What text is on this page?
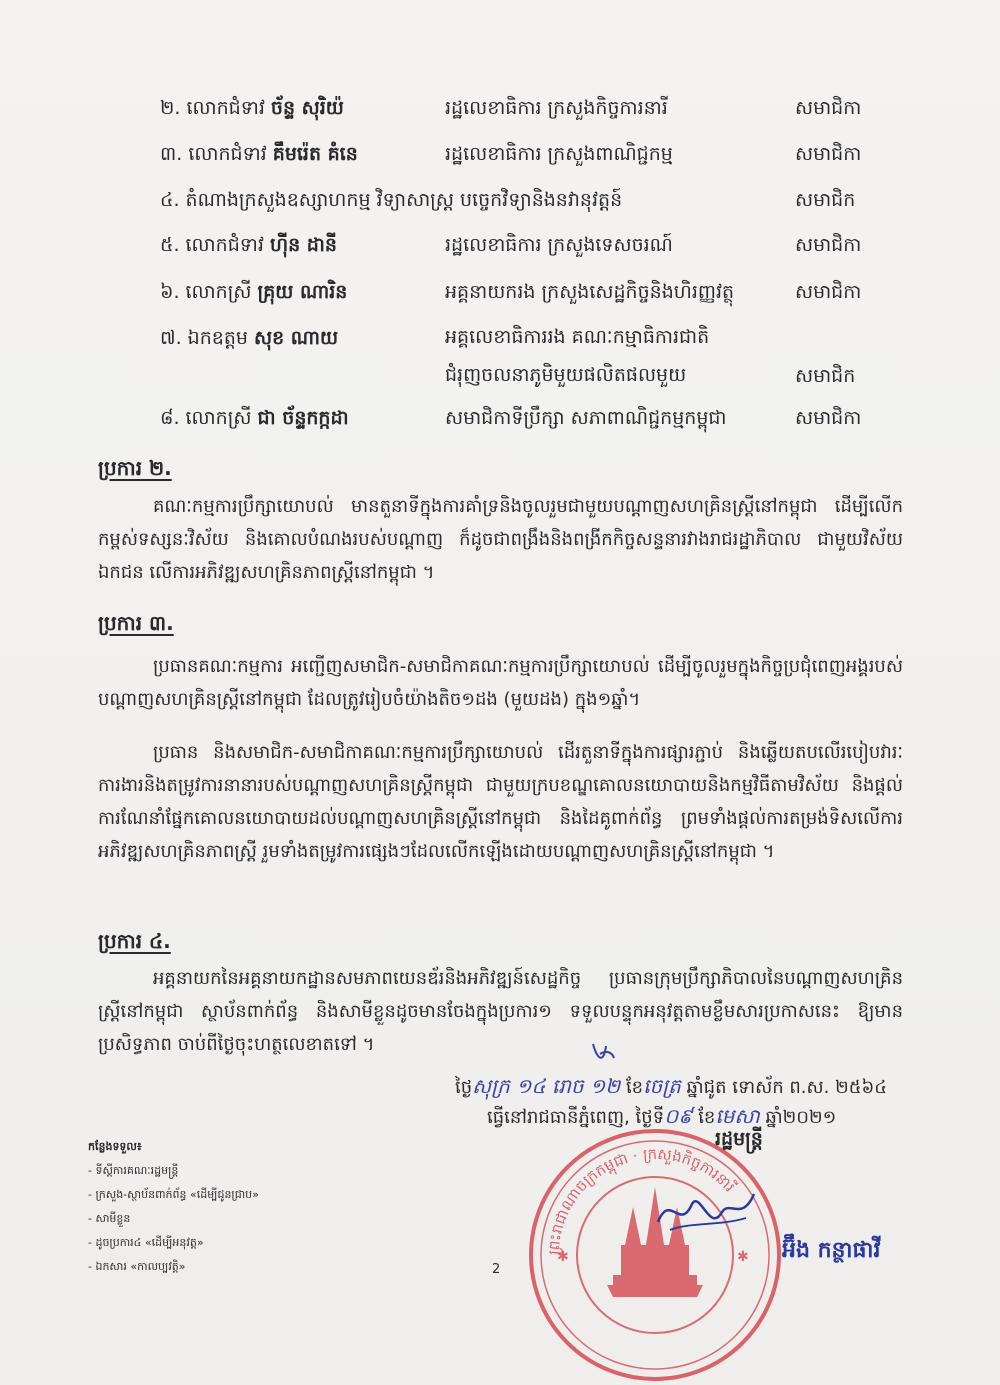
២. លោកជំទាវ ច័ន្ទ សុរិយ៉	រដ្ឋលេខាធិការ ក្រសួងកិច្ចការនារី	សមាជិកា
៣. លោកជំទាវ គឹមរ៉េត គំនេ	រដ្ឋលេខាធិការ ក្រសួងពាណិជ្ជកម្ម	សមាជិកា
៤. តំណាងក្រសួងឧស្សាហកម្ម វិទ្យាសាស្ត្រ បច្ចេកវិទ្យានិងនវានុវត្តន៍	សមាជិក
៥. លោកជំទាវ ហ៊ីន ដានី	រដ្ឋលេខាធិការ ក្រសួងទេសចរណ៍	សមាជិកា
៦. លោកស្រី គ្រុយ ណារិន	អគ្គនាយករង ក្រសួងសេដ្ឋកិច្ចនិងហិរញ្ញវត្ថុ	សមាជិកា
៧. ឯកឧត្តម សុខ ណាយ	អគ្គលេខាធិការរង គណៈកម្មាធិការជាតិ
ជំរុញចលនាភូមិមួយផលិតផលមួយ	សមាជិក
៨. លោកស្រី ជា ច័ន្ទកក្កដា	សមាជិកាទីប្រឹក្សា សភាពាណិជ្ជកម្មកម្ពុជា	សមាជិកា
ប្រការ ២.

គណៈកម្មការប្រឹក្សាយោបល់ មានតួនាទីក្នុងការគាំទ្រនិងចូលរួមជាមួយបណ្តាញសហគ្រិនស្ត្រីនៅកម្ពុជា ដើម្បីលើកកម្ពស់ទស្សនៈវិស័យ និងគោលបំណងរបស់បណ្តាញ ក៏ដូចជាពង្រឹងនិងពង្រីកកិច្ចសន្ទនារវាងរាជរដ្ឋាភិបាល ជាមួយវិស័យឯកជន លើការអភិវឌ្ឍសហគ្រិនភាពស្ត្រីនៅកម្ពុជា ។

ប្រការ ៣.

ប្រធានគណៈកម្មការ អញ្ជើញសមាជិក-សមាជិកាគណៈកម្មការប្រឹក្សាយោបល់ ដើម្បីចូលរួមក្នុងកិច្ចប្រជុំពេញអង្គរបស់បណ្តាញសហគ្រិនស្ត្រីនៅកម្ពុជា ដែលត្រូវរៀបចំយ៉ាងតិច១ដង (មួយដង) ក្នុង១ឆ្នាំ។

ប្រធាន និងសមាជិក-សមាជិកាគណៈកម្មការប្រឹក្សាយោបល់ ដើរតួនាទីក្នុងការផ្សារភ្ជាប់ និងឆ្លើយតបលើរបៀបវារៈការងារនិងតម្រូវការនានារបស់បណ្តាញសហគ្រិនស្ត្រីកម្ពុជា ជាមួយក្របខណ្ឌគោលនយោបាយនិងកម្មវិធីតាមវិស័យ និងផ្តល់ការណែនាំផ្នែកគោលនយោបាយដល់បណ្តាញសហគ្រិនស្ត្រីនៅកម្ពុជា និងដៃគូពាក់ព័ន្ធ ព្រមទាំងផ្តល់ការតម្រង់ទិសលើការអភិវឌ្ឍសហគ្រិនភាពស្ត្រី រួមទាំងតម្រូវការផ្សេងៗដែលលើកឡើងដោយបណ្តាញសហគ្រិនស្ត្រីនៅកម្ពុជា ។

ប្រការ ៤.

អគ្គនាយកនៃអគ្គនាយកដ្ឋានសមភាពយេនឌ័រនិងអភិវឌ្ឍន៍សេដ្ឋកិច្ច ប្រធានក្រុមប្រឹក្សាភិបាលនៃបណ្តាញសហគ្រិនស្ត្រីនៅកម្ពុជា ស្ថាប័នពាក់ព័ន្ធ និងសាមីខ្លួនដូចមានចែងក្នុងប្រការ១ ទទួលបន្ទុកអនុវត្តតាមខ្លឹមសារប្រកាសនេះ ឱ្យមានប្រសិទ្ធភាព ចាប់ពីថ្ងៃចុះហត្ថលេខាតទៅ ។

ថ្ងៃសុក្រ ១៤ រោច ១២ ខែចេត្រ ឆ្នាំជូត ទោស័ក ព.ស. ២៥៦៤
ធ្វើនៅរាជធានីភ្នំពេញ, ថ្ងៃទី០៩ ខែមេសា ឆ្នាំ២០២១
កន្លែងទទួល៖
- ទីស្តីការគណៈរដ្ឋមន្ត្រី
- ក្រសួង-ស្ថាប័នពាក់ព័ន្ធ «ដើម្បីជូនជ្រាប»
- សាមីខ្លួន
- ដូចប្រការ៤ «ដើម្បីអនុវត្ត»
- ឯកសារ «កាលប្បវត្តិ»	2
ព្រះរាជាណាចក្រកម្ពុជា · ក្រសួងកិច្ចការនារី
✱	✱
រដ្ឋមន្ត្រី
អ៊ឹង កន្ថាផាវី
